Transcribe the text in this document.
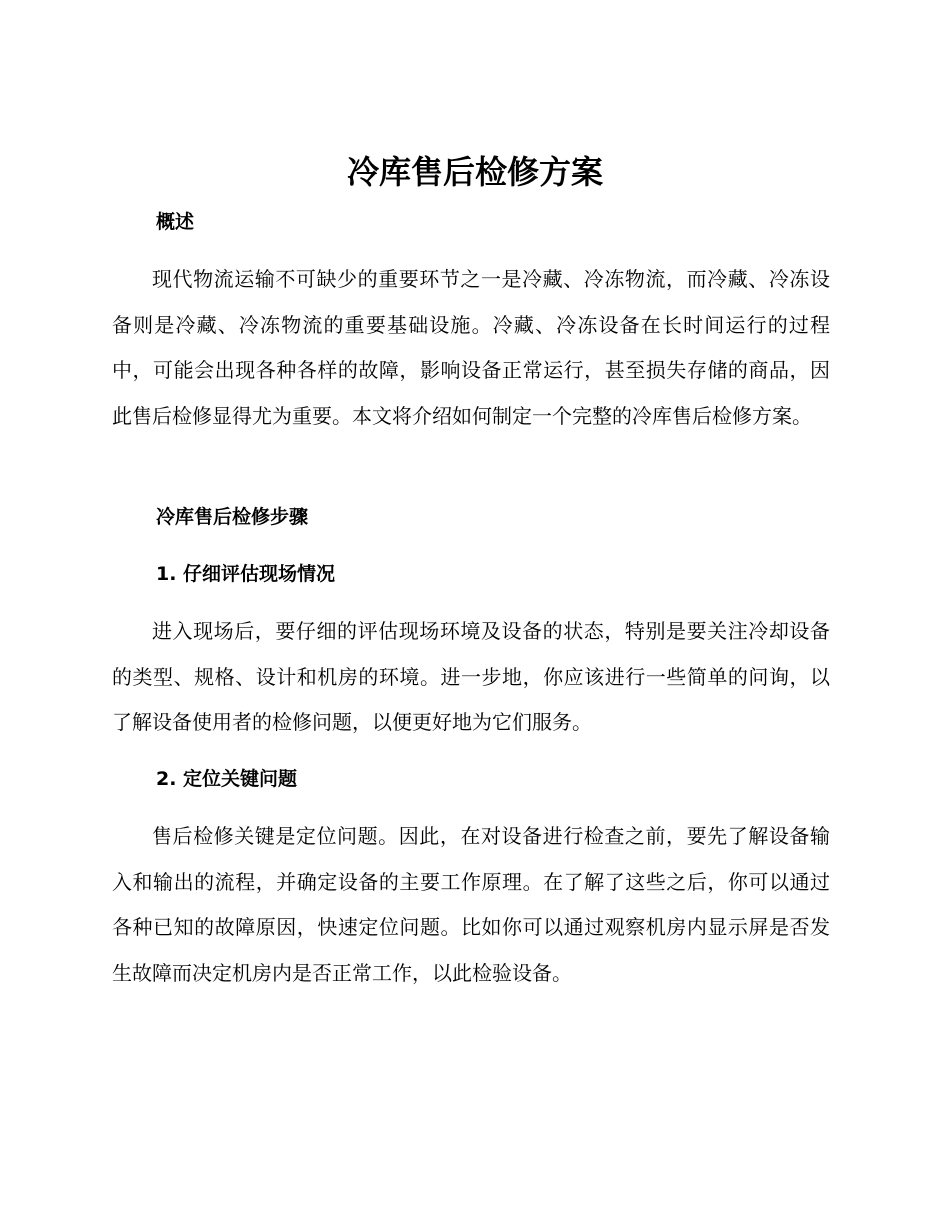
冷库售后检修方案
概述

现代物流运输不可缺少的重要环节之一是冷藏、冷冻物流，而冷藏、冷冻设备则是冷藏、冷冻物流的重要基础设施。冷藏、冷冻设备在长时间运行的过程中，可能会出现各种各样的故障，影响设备正常运行，甚至损失存储的商品，因此售后检修显得尤为重要。本文将介绍如何制定一个完整的冷库售后检修方案。

冷库售后检修步骤
1. 仔细评估现场情况

进入现场后，要仔细的评估现场环境及设备的状态，特别是要关注冷却设备的类型、规格、设计和机房的环境。进一步地，你应该进行一些简单的问询，以了解设备使用者的检修问题，以便更好地为它们服务。

2. 定位关键问题

售后检修关键是定位问题。因此，在对设备进行检查之前，要先了解设备输入和输出的流程，并确定设备的主要工作原理。在了解了这些之后，你可以通过各种已知的故障原因，快速定位问题。比如你可以通过观察机房内显示屏是否发生故障而决定机房内是否正常工作，以此检验设备。
